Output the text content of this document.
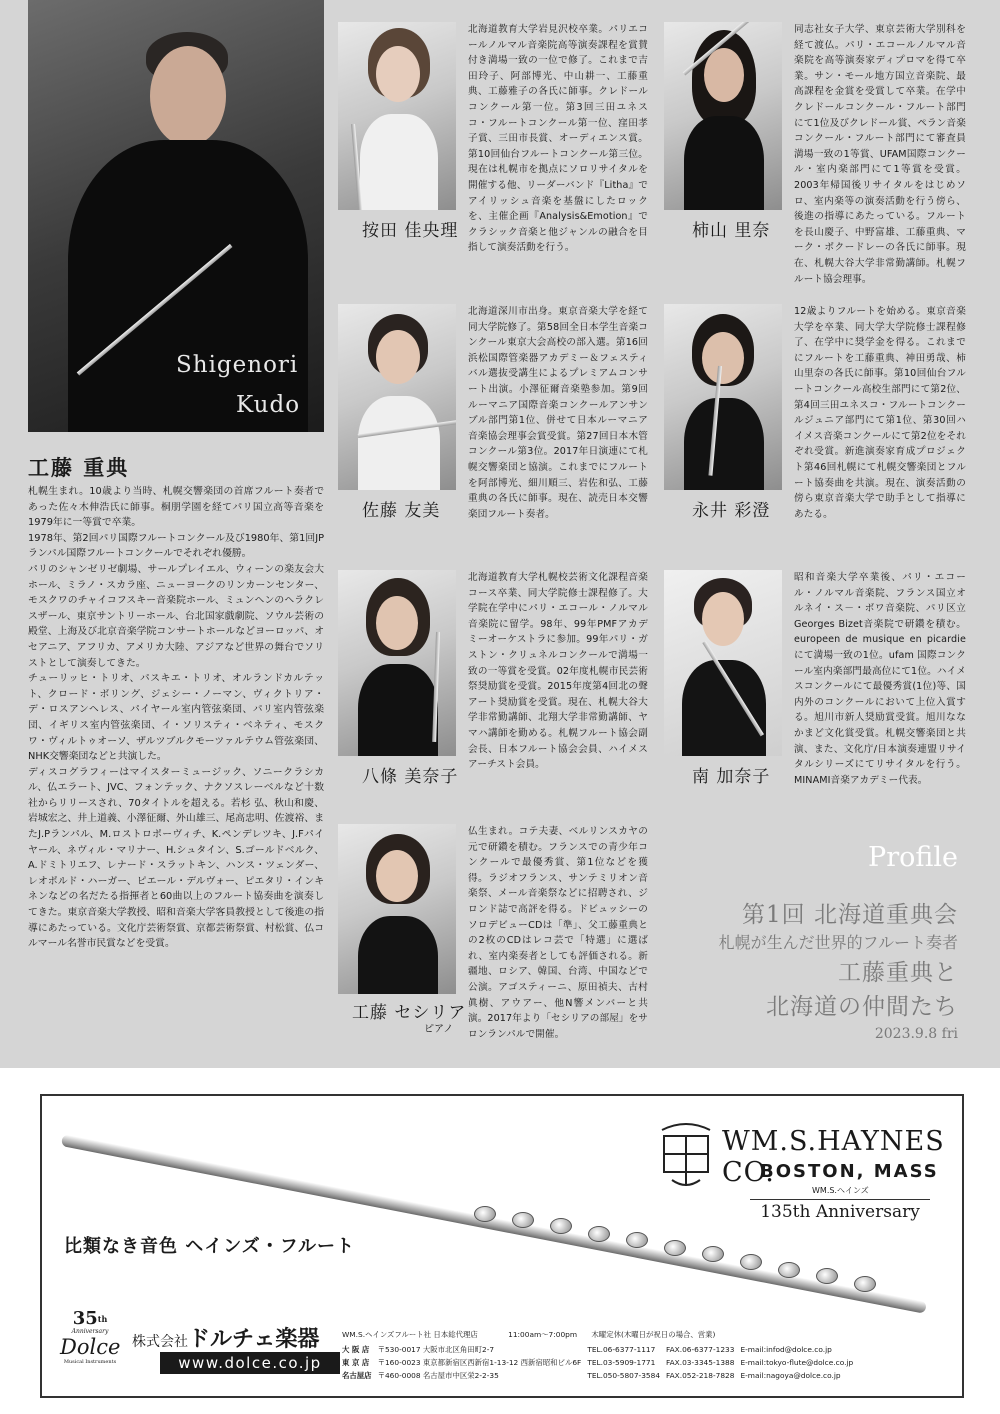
Shigenori
Kudo
工藤 重典

札幌生まれ。10歳より当時、札幌交響楽団の首席フルート奏者であった佐々木伸浩氏に師事。桐朋学園を経てパリ国立高等音楽を1979年に一等賞で卒業。

1978年、第2回パリ国際フルートコンクール及び1980年、第1回JPランパル国際フルートコンクールでそれぞれ優勝。

パリのシャンゼリゼ劇場、サールプレイエル、ウィーンの楽友会大ホール、ミラノ・スカラ座、ニューヨークのリンカーンセンター、モスクワのチャイコフスキー音楽院ホール、ミュンヘンのヘラクレスザール、東京サントリーホール、台北国家戲劇院、ソウル芸術の殿堂、上海及び北京音楽学院コンサートホールなどヨーロッパ、オセアニア、アフリカ、アメリカ大陸、アジアなど世界の舞台でソリストとして演奏してきた。

チューリッヒ・トリオ、パスキエ・トリオ、オルランドカルテット、クロード・ボリング、ジェシー・ノーマン、ヴィクトリア・デ・ロスアンヘレス、パイヤール室内管弦楽団、パリ室内管弦楽団、イギリス室内管弦楽団、イ・ソリスティ・ベネティ、モスクワ・ヴィルトゥオーソ、ザルツブルクモーツァルテウム管弦楽団、NHK交響楽団などと共演した。

ディスコグラフィーはマイスターミュージック、ソニークラシカル、仏エラート、JVC、フォンテック、ナクソスレーベルなど十数社からリリースされ、70タイトルを超える。若杉 弘、秋山和慶、岩城宏之、井上道義、小澤征爾、外山雄三、尾高忠明、佐渡裕、またJ.Pランパル、M.ロストロポーヴィチ、K.ペンデレツキ、J.Fパイヤール、ネヴィル・マリナー、H.シュタイン、S.ゴールドベルク、A.ドミトリエフ、レナード・スラットキン、ハンス・ツェンダー、レオポルド・ハーガー、ピエール・デルヴォー、ピエタリ・インキネンなどの名だたる指揮者と60曲以上のフルート協奏曲を演奏してきた。東京音楽大学教授、昭和音楽大学客員教授として後進の指導にあたっている。文化庁芸術祭賞、京都芸術祭賞、村松賞、仏コルマール名誉市民賞などを受賞。

按田 佳央理
北海道教育大学岩見沢校卒業。パリエコールノルマル音楽院高等演奏課程を賞賛付き満場一致の一位で修了。これまで吉田玲子、阿部博光、中山耕一、工藤重典、工藤雅子の各氏に師事。クレドールコンクール第一位。第3回三田ユネスコ・フルートコンクール第一位、窪田孝子賞、三田市長賞、オーディエンス賞。第10回仙台フルートコンクール第三位。現在は札幌市を拠点にソロリサイタルを開催する他、リーダーバンド『Litha』でアイリッシュ音楽を基盤にしたロックを、主催企画『Analysis&Emotion』でクラシック音楽と他ジャンルの融合を目指して演奏活動を行う。
柿山 里奈
同志社女子大学、東京芸術大学別科を経て渡仏。パリ・エコールノルマル音楽院を高等演奏家ディプロマを得て卒業。サン・モール地方国立音楽院、最高課程を金賞を受賞して卒業。在学中クレドールコンクール・フルート部門にて1位及びクレドール賞、ペラン音楽コンクール・フルート部門にて審査員満場一致の1等賞、UFAM国際コンクール・室内楽部門にて1等賞を受賞。2003年帰国後リサイタルをはじめソロ、室内楽等の演奏活動を行う傍ら、後進の指導にあたっている。フルートを長山慶子、中野富雄、工藤重典、マーク・ボクードレーの各氏に師事。現在、札幌大谷大学非常勤講師。札幌フルート協会理事。
佐藤 友美
北海道深川市出身。東京音楽大学を経て同大学院修了。第58回全日本学生音楽コンクール東京大会高校の部入選。第16回浜松国際管楽器アカデミー＆フェスティバル選抜受講生によるプレミアムコンサート出演。小澤征爾音楽塾参加。第9回ルーマニア国際音楽コンクールアンサンブル部門第1位、併せて日本ルーマニア音楽協会理事会賞受賞。第27回日本木管コンクール第3位。2017年日演連にて札幌交響楽団と協演。これまでにフルートを阿部博光、細川順三、岩佐和弘、工藤重典の各氏に師事。現在、読売日本交響楽団フルート奏者。	永井 彩澄
12歳よりフルートを始める。東京音楽大学を卒業、同大学大学院修士課程修了、在学中に奨学金を得る。これまでにフルートを工藤重典、神田勇哉、柿山里奈の各氏に師事。第10回仙台フルートコンクール高校生部門にて第2位、第4回三田ユネスコ・フルートコンクールジュニア部門にて第1位、第30回ハイメス音楽コンクールにて第2位をそれぞれ受賞。新進演奏家育成プロジェクト第46回札幌にて札幌交響楽団とフルート協奏曲を共演。現在、演奏活動の傍ら東京音楽大学で助手として指導にあたる。
八條 美奈子
北海道教育大学札幌校芸術文化課程音楽コース卒業、同大学院修士課程修了。大学院在学中にパリ・エコール・ノルマル音楽院に留学。98年、99年PMFアカデミーオーケストラに参加。99年パリ・ガストン・クリュネルコンクールで満場一致の一等賞を受賞。02年度札幌市民芸術祭奨励賞を受賞。2015年度第4回北の聲アート奨励賞を受賞。現在、札幌大谷大学非常勤講師、北翔大学非常勤講師、ヤマハ講師を勤める。札幌フルート協会副会長、日本フルート協会会員、ハイメスアーチスト会員。
南 加奈子
昭和音楽大学卒業後、パリ・エコール・ノルマル音楽院、フランス国立オルネイ・ス－・ボワ音楽院、パリ区立Georges Bizet音楽院で研鑽を積む。europeen de musique en picardieにて満場一致の1位。ufam 国際コンクール室内楽部門最高位にて1位。ハイメスコンクールにて最優秀賞(1位)等、国内外のコンクールにおいて上位入賞する。旭川市新人奨励賞受賞。旭川ななかまど文化賞受賞。札幌交響楽団と共演、また、文化庁/日本演奏連盟リサイタルシリーズにてリサイタルを行う。MINAMI音楽アカデミー代表。
工藤 セシリア
ピアノ
仏生まれ。コテ夫妻、ベルリンスカヤの元で研鑽を積む。フランスでの青少年コンクールで最優秀賞、第1位などを獲得。ラジオフランス、サンテミリオン音楽祭、メール音楽祭などに招聘され、ジロンド誌で高評を得る。ドビュッシーのソロデビューCDは「準」、父工藤重典との2枚のCDはレコ芸で「特選」に選ばれ、室内楽奏者としても評価される。新疆地、ロシア、韓国、台湾、中国などで公演。アゴスティーニ、原田禎夫、古村眞樹、アウアー、他N響メンバーと共演。2017年より「セシリアの部屋」をサロンランパルで開催。
Profile
第1回 北海道重典会
札幌が生んだ世界的フルート奏者
工藤重典と
北海道の仲間たち
2023.9.8 fri
WM.S.HAYNES CO.
BOSTON, MASS
WM.S.ヘインズ
135th Anniversary
比類なき音色 ヘインズ・フルート
35th
Anniversary
Dolce
Musical Instruments
株式会社ドルチェ楽器
www.dolce.co.jp
WM.S.ヘインズフルート社 日本総代理店	11:00am～7:00pm 木曜定休(木曜日が祝日の場合、営業)
大 阪 店	〒530-0017 大阪市北区角田町2-7	TEL.06-6377-1117	FAX.06-6377-1233	E-mail:infod@dolce.co.jp
東 京 店	〒160-0023 東京都新宿区西新宿1-13-12 西新宿昭和ビル6F	TEL.03-5909-1771	FAX.03-3345-1388	E-mail:tokyo-flute@dolce.co.jp
名古屋店	〒460-0008 名古屋市中区栄2-2-35	TEL.050-5807-3584	FAX.052-218-7828	E-mail:nagoya@dolce.co.jp
